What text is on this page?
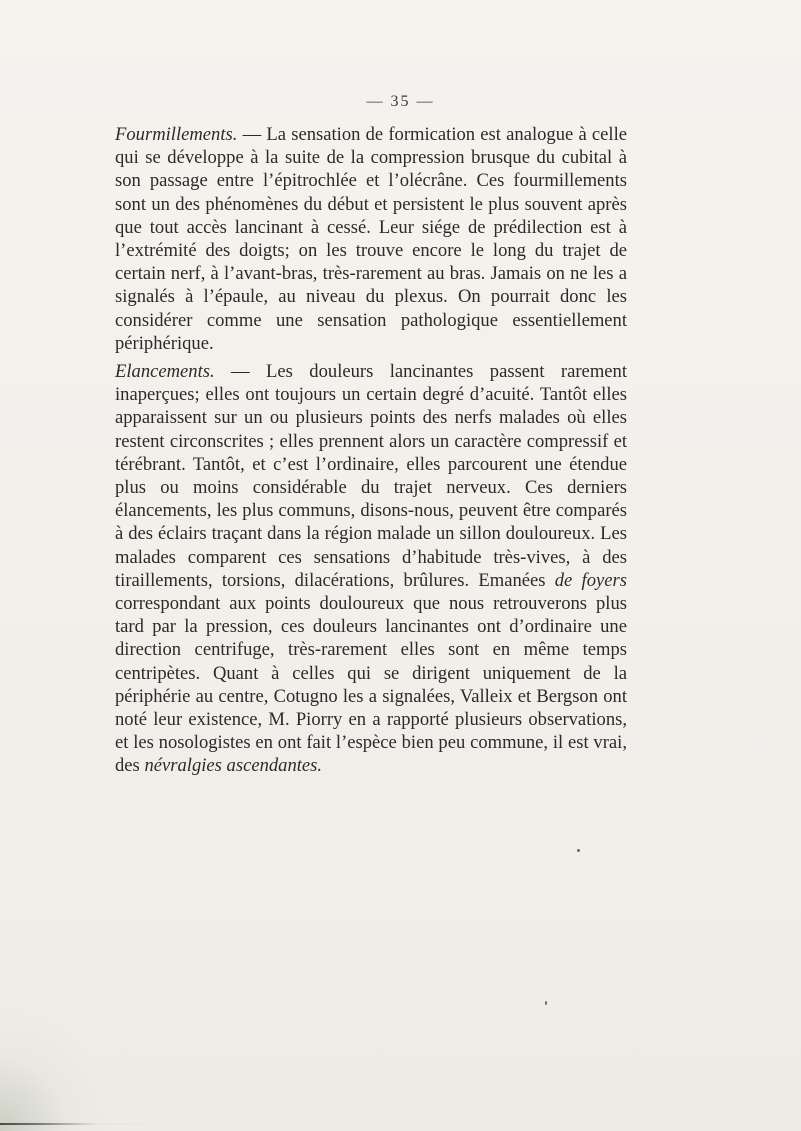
— 35 —

Fourmillements. — La sensation de formication est analogue à celle qui se développe à la suite de la compression brusque du cubital à son passage entre l’épitrochlée et l’olécrâne. Ces fourmillements sont un des phénomènes du début et persistent le plus souvent après que tout accès lancinant à cessé. Leur siége de prédilection est à l’extrémité des doigts; on les trouve encore le long du trajet de certain nerf, à l’avant-bras, très-rarement au bras. Jamais on ne les a signalés à l’épaule, au niveau du plexus. On pourrait donc les considérer comme une sensation pathologique essentiellement périphérique.

Elancements. — Les douleurs lancinantes passent rarement inaperçues; elles ont toujours un certain degré d’acuité. Tantôt elles apparaissent sur un ou plusieurs points des nerfs malades où elles restent circonscrites ; elles prennent alors un caractère compressif et térébrant. Tantôt, et c’est l’ordinaire, elles parcourent une étendue plus ou moins considérable du trajet nerveux. Ces derniers élancements, les plus communs, disons-nous, peuvent être comparés à des éclairs traçant dans la région malade un sillon douloureux. Les malades comparent ces sensations d’habitude très-vives, à des tiraillements, torsions, dilacérations, brûlures. Emanées de foyers correspondant aux points douloureux que nous retrouverons plus tard par la pression, ces douleurs lancinantes ont d’ordinaire une direction centrifuge, très-rarement elles sont en même temps centripètes. Quant à celles qui se dirigent uniquement de la périphérie au centre, Cotugno les a signalées, Valleix et Bergson ont noté leur existence, M. Piorry en a rapporté plusieurs observations, et les nosologistes en ont fait l’espèce bien peu commune, il est vrai, des névralgies ascendantes.
